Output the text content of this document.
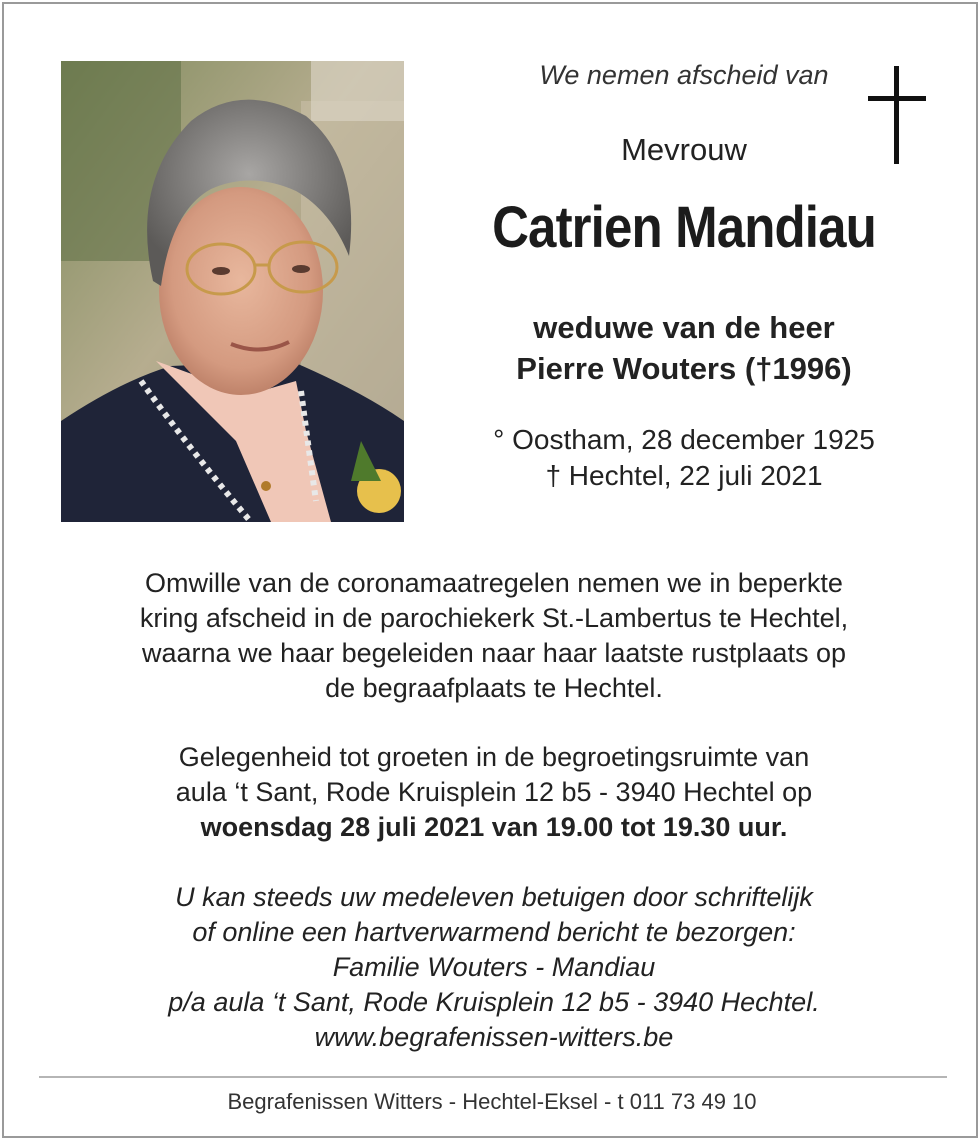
We nemen afscheid van
Mevrouw
Catrien Mandiau
weduwe van de heer
Pierre Wouters (†1996)
° Oostham, 28 december 1925
† Hechtel, 22 juli 2021

Omwille van de coronamaatregelen nemen we in beperkte

kring afscheid in de parochiekerk St.-Lambertus te Hechtel,

waarna we haar begeleiden naar haar laatste rustplaats op

de begraafplaats te Hechtel.

Gelegenheid tot groeten in de begroetingsruimte van

aula ‘t Sant, Rode Kruisplein 12 b5 - 3940 Hechtel op

woensdag 28 juli 2021 van 19.00 tot 19.30 uur.

U kan steeds uw medeleven betuigen door schriftelijk

of online een hartverwarmend bericht te bezorgen:

Familie Wouters - Mandiau

p/a aula ‘t Sant, Rode Kruisplein 12 b5 - 3940 Hechtel.

www.begrafenissen-witters.be

Begrafenissen Witters - Hechtel-Eksel - t 011 73 49 10
